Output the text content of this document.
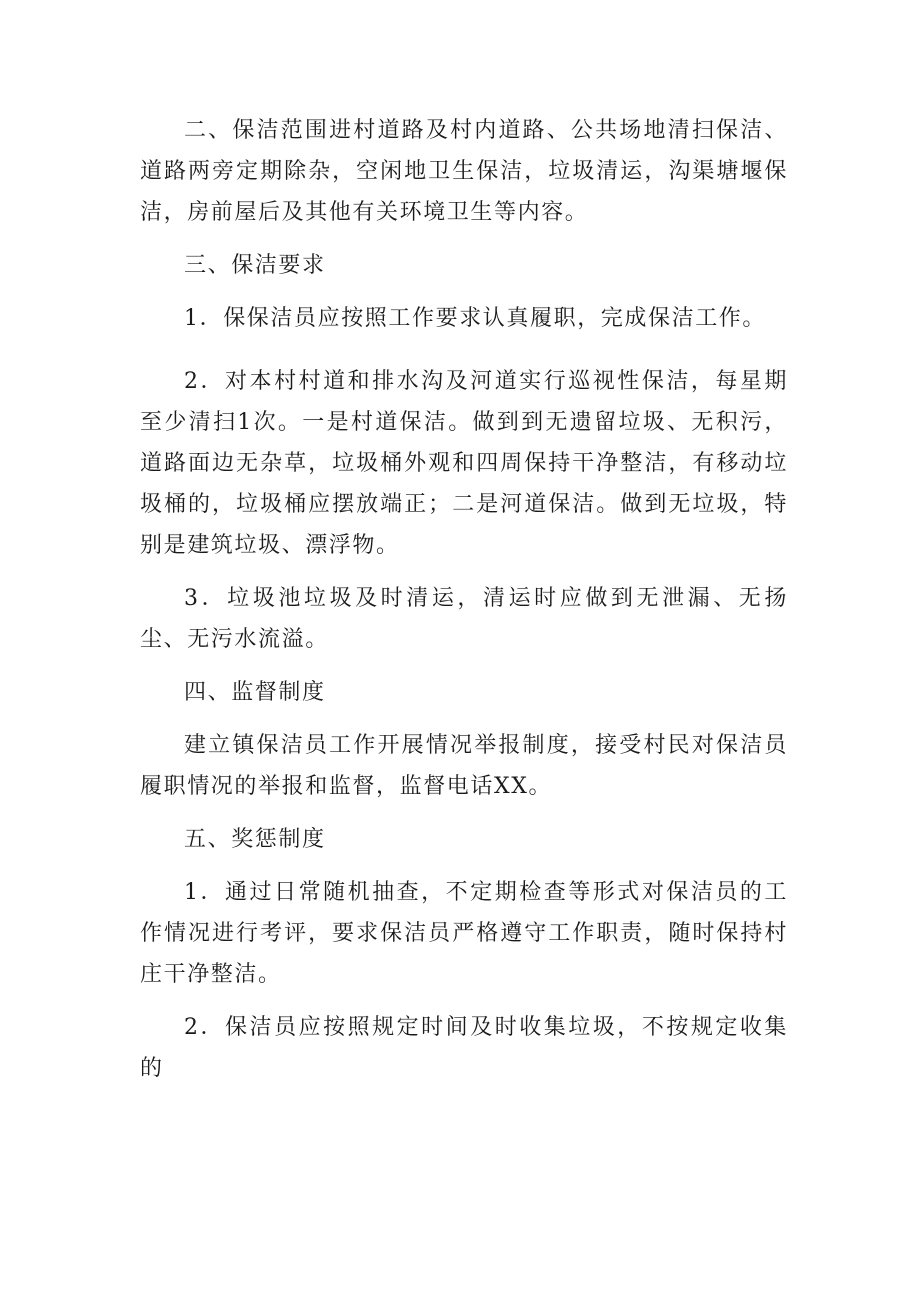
二、保洁范围进村道路及村内道路、公共场地清扫保洁、道路两旁定期除杂，空闲地卫生保洁，垃圾清运，沟渠塘堰保洁，房前屋后及其他有关环境卫生等内容。

三、保洁要求

1．保保洁员应按照工作要求认真履职，完成保洁工作。

2．对本村村道和排水沟及河道实行巡视性保洁，每星期至少清扫1次。一是村道保洁。做到到无遗留垃圾、无积污，道路面边无杂草，垃圾桶外观和四周保持干净整洁，有移动垃圾桶的，垃圾桶应摆放端正；二是河道保洁。做到无垃圾，特别是建筑垃圾、漂浮物。

3．垃圾池垃圾及时清运，清运时应做到无泄漏、无扬尘、无污水流溢。

四、监督制度

建立镇保洁员工作开展情况举报制度，接受村民对保洁员履职情况的举报和监督，监督电话XX。

五、奖惩制度

1．通过日常随机抽查，不定期检查等形式对保洁员的工作情况进行考评，要求保洁员严格遵守工作职责，随时保持村庄干净整洁。

2．保洁员应按照规定时间及时收集垃圾，不按规定收集的
